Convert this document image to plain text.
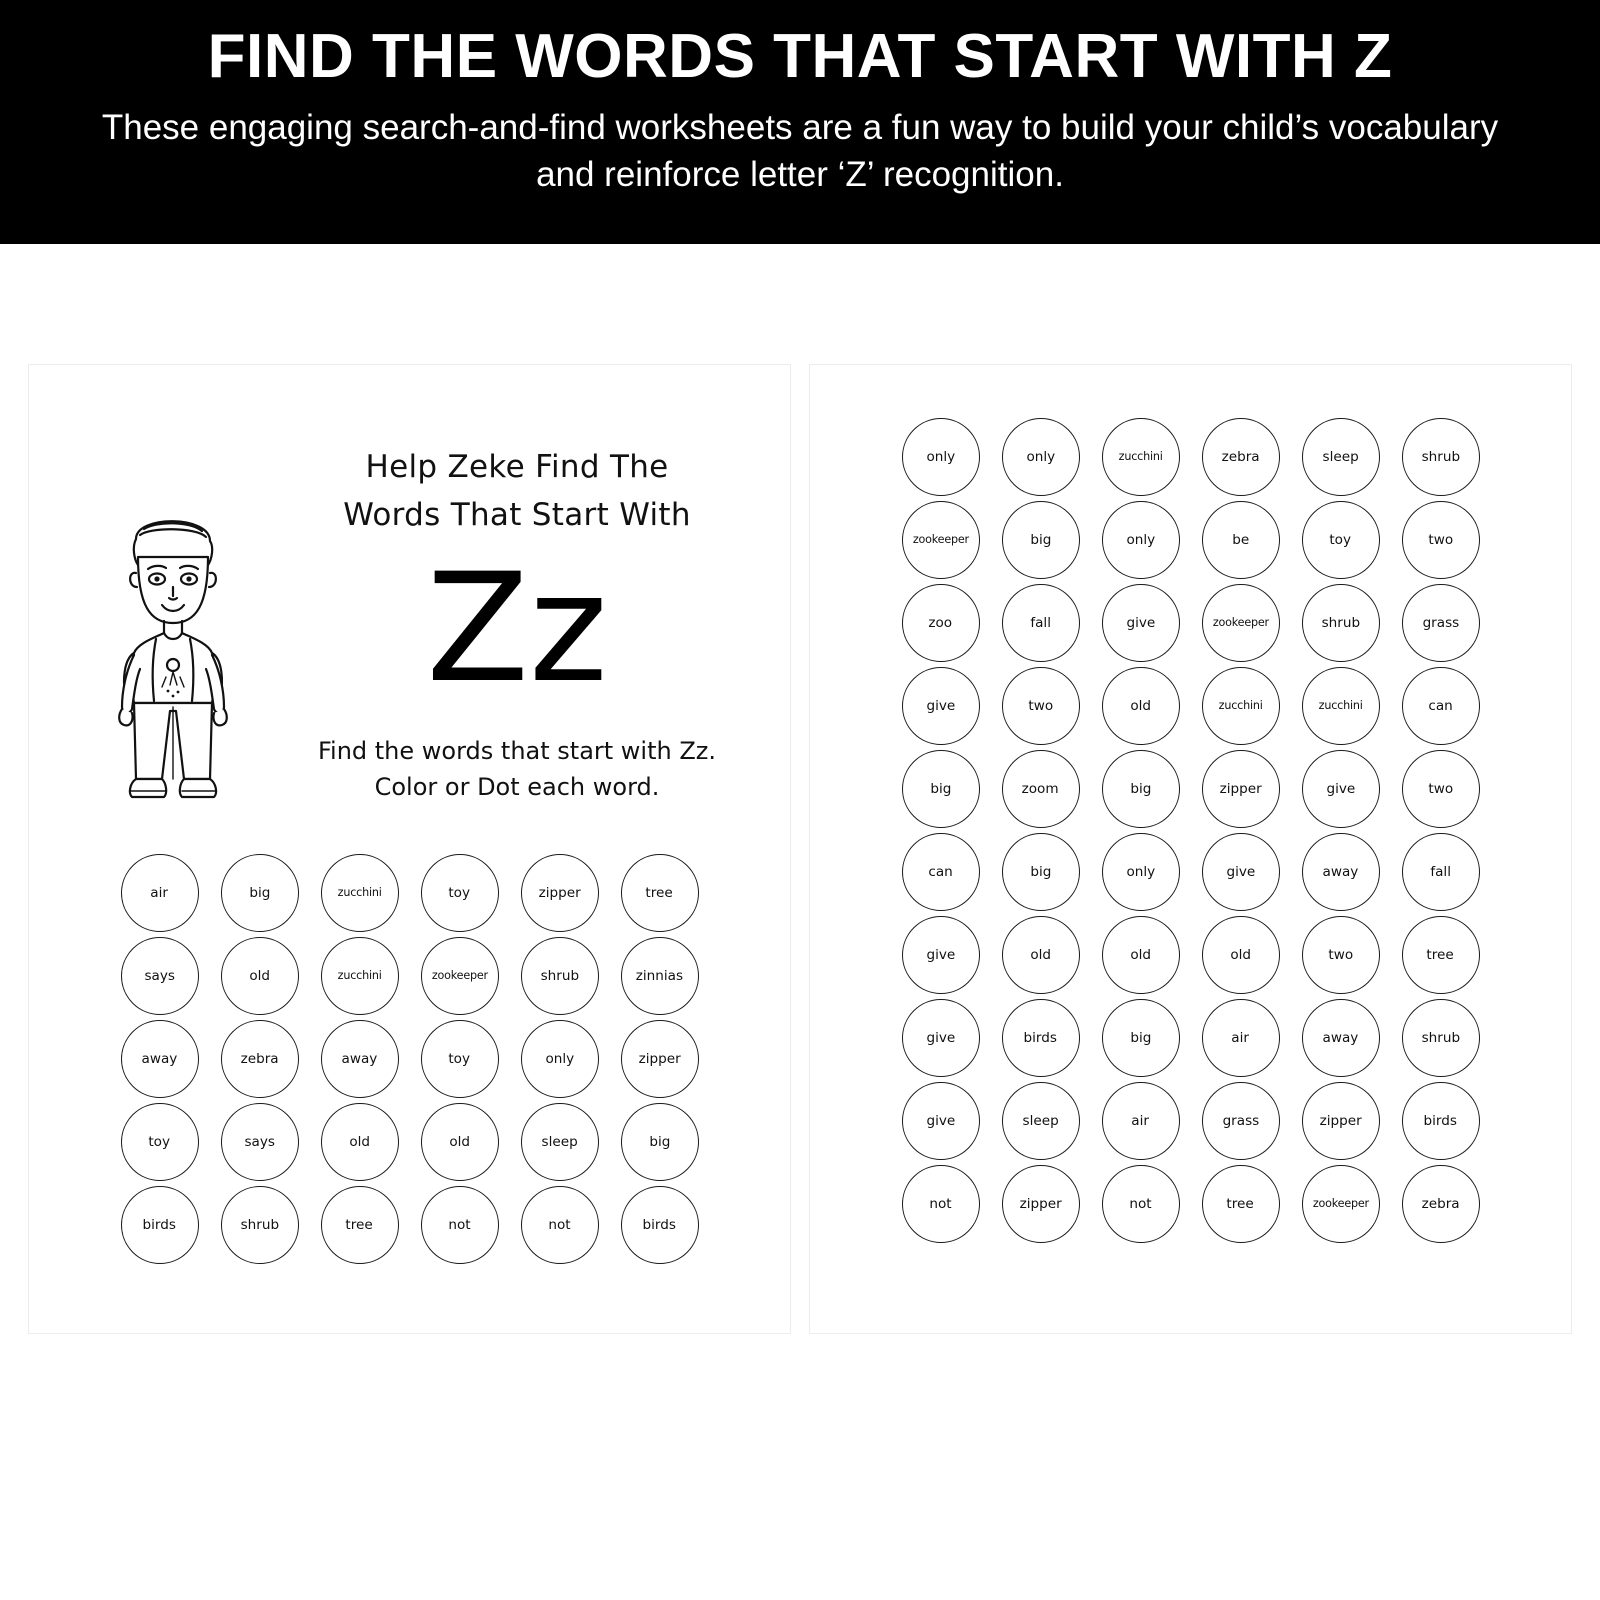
FIND THE WORDS THAT START WITH Z

These engaging search-and-find worksheets are a fun way to build your child’s vocabulary and reinforce letter ‘Z’ recognition.

Help Zeke Find The
Words That Start With
Zz
Find the words that start with Zz.
Color or Dot each word.
air	big	zucchini	toy	zipper	tree
says	old	zucchini	zookeeper	shrub	zinnias
away	zebra	away	toy	only	zipper
toy	says	old	old	sleep	big
birds	shrub	tree	not	not	birds
only	only	zucchini	zebra	sleep	shrub
zookeeper	big	only	be	toy	two
zoo	fall	give	zookeeper	shrub	grass
give	two	old	zucchini	zucchini	can
big	zoom	big	zipper	give	two
can	big	only	give	away	fall
give	old	old	old	two	tree
give	birds	big	air	away	shrub
give	sleep	air	grass	zipper	birds
not	zipper	not	tree	zookeeper	zebra
